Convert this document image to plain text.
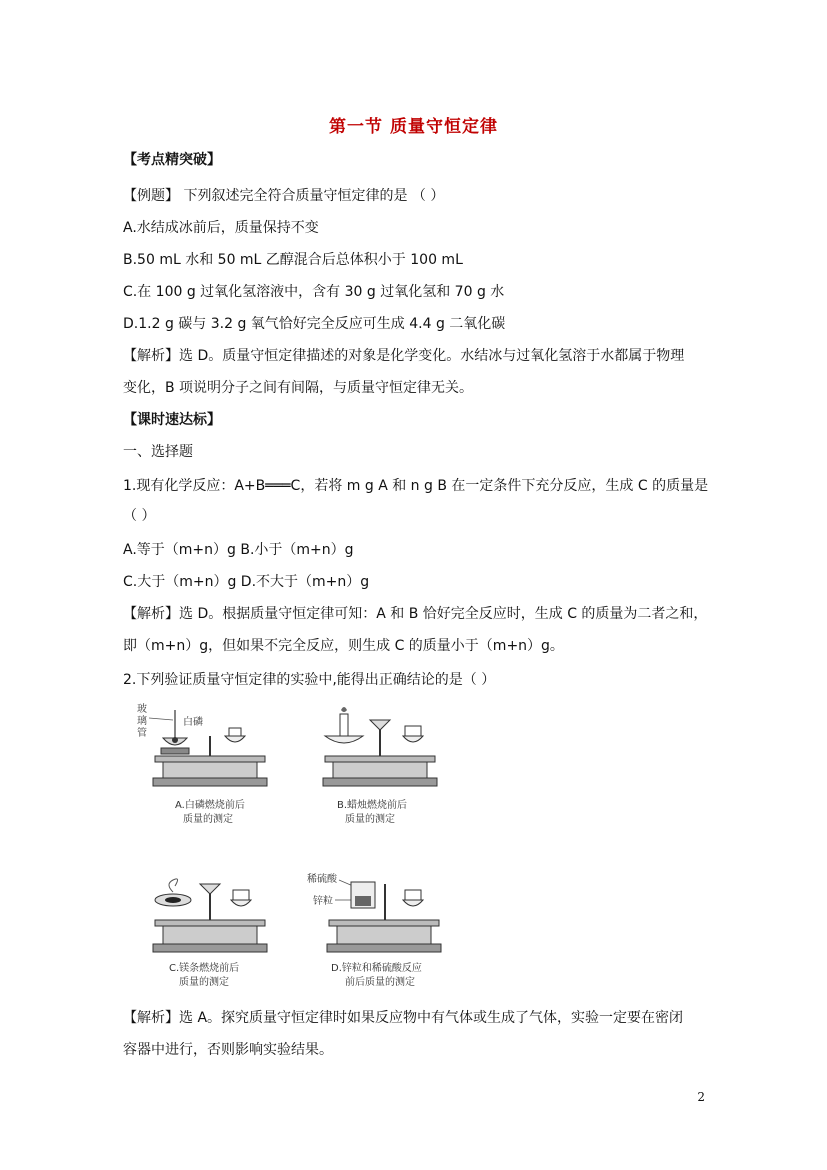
第一节 质量守恒定律
【考点精突破】
【例题】 下列叙述完全符合质量守恒定律的是 （ ）
A.水结成冰前后，质量保持不变
B.50 mL 水和 50 mL 乙醇混合后总体积小于 100 mL
C.在 100 g 过氧化氢溶液中，含有 30 g 过氧化氢和 70 g 水
D.1.2 g 碳与 3.2 g 氧气恰好完全反应可生成 4.4 g 二氧化碳
【解析】选 D。质量守恒定律描述的对象是化学变化。水结冰与过氧化氢溶于水都属于物理
变化，B 项说明分子之间有间隔，与质量守恒定律无关。
【课时速达标】
一、选择题
1.现有化学反应：A+B═══C，若将 m g A 和 n g B 在一定条件下充分反应，生成 C 的质量是
（ ）
A.等于（m+n）g B.小于（m+n）g
C.大于（m+n）g D.不大于（m+n）g
【解析】选 D。根据质量守恒定律可知：A 和 B 恰好完全反应时，生成 C 的质量为二者之和，
即（m+n）g，但如果不完全反应，则生成 C 的质量小于（m+n）g。
2.下列验证质量守恒定律的实验中,能得出正确结论的是（ ）
玻
璃
管
白磷
A.白磷燃烧前后
质量的测定
B.蜡烛燃烧前后
质量的测定
C.镁条燃烧前后
质量的测定
稀硫酸
锌粒
D.锌粒和稀硫酸反应
前后质量的测定
【解析】选 A。探究质量守恒定律时如果反应物中有气体或生成了气体，实验一定要在密闭
容器中进行，否则影响实验结果。
2
